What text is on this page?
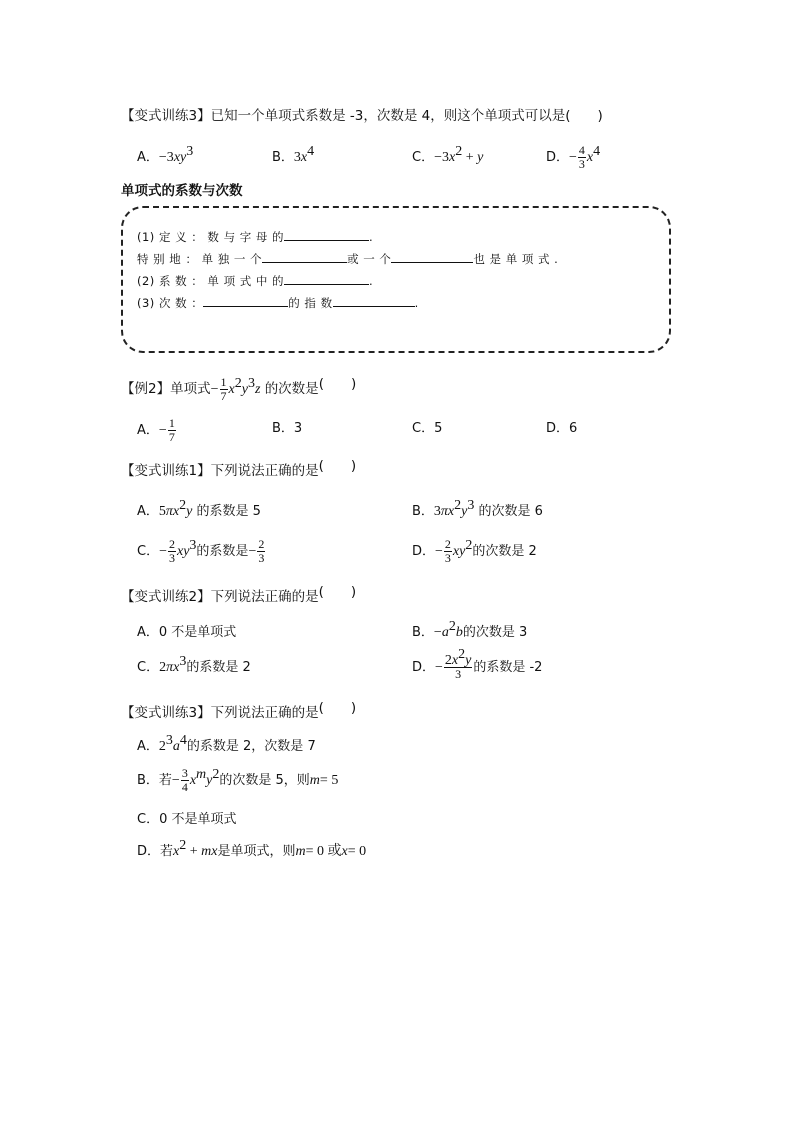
【变式训练3】已知一个单项式系数是 -3，次数是 4，则这个单项式可以是(　　)
A．$-3xy^3$	B．$3x^4$	C．$-3x^2 + y$	D．− $\frac{4}{3} x^4$
单项式的系数与次数
(1) 定 义 ： 数 与 字 母 的	.
特 别 地 ： 单 独 一 个	或 一 个	也 是 单 项 式 .
(2) 系 数 ： 单 项 式 中 的	.
(3) 次 数 ：	的 指 数	.
【例2】单项式− $\frac{1}{7} x^2y^3z$ 的次数是(　　)
A．− $\frac{1}{7}$	B．3	C．5	D．6
【变式训练1】下列说法正确的是(　　)
A．$5\pi x^2y$ 的系数是 5	B．$3\pi x^2y^3$ 的次数是 6
C．− $\frac{2}{3} xy^3$的系数是− $\frac{2}{3}$	D．− $\frac{2}{3} xy^2$的次数是 2
【变式训练2】下列说法正确的是(　　)
A．0 不是单项式	B．$-a^2b$的次数是 3
C．$2\pi x^3$的系数是 2	D．− $\frac{2x^2y}{3}$ 的系数是 -2
【变式训练3】下列说法正确的是(　　)
A．$2^3a^4$的系数是 2，次数是 7
B．若− $\frac{3}{4} x^my^2$的次数是 5，则m= 5
C．0 不是单项式
D．若$x^2$ + mx是单项式，则m= 0 或x= 0
